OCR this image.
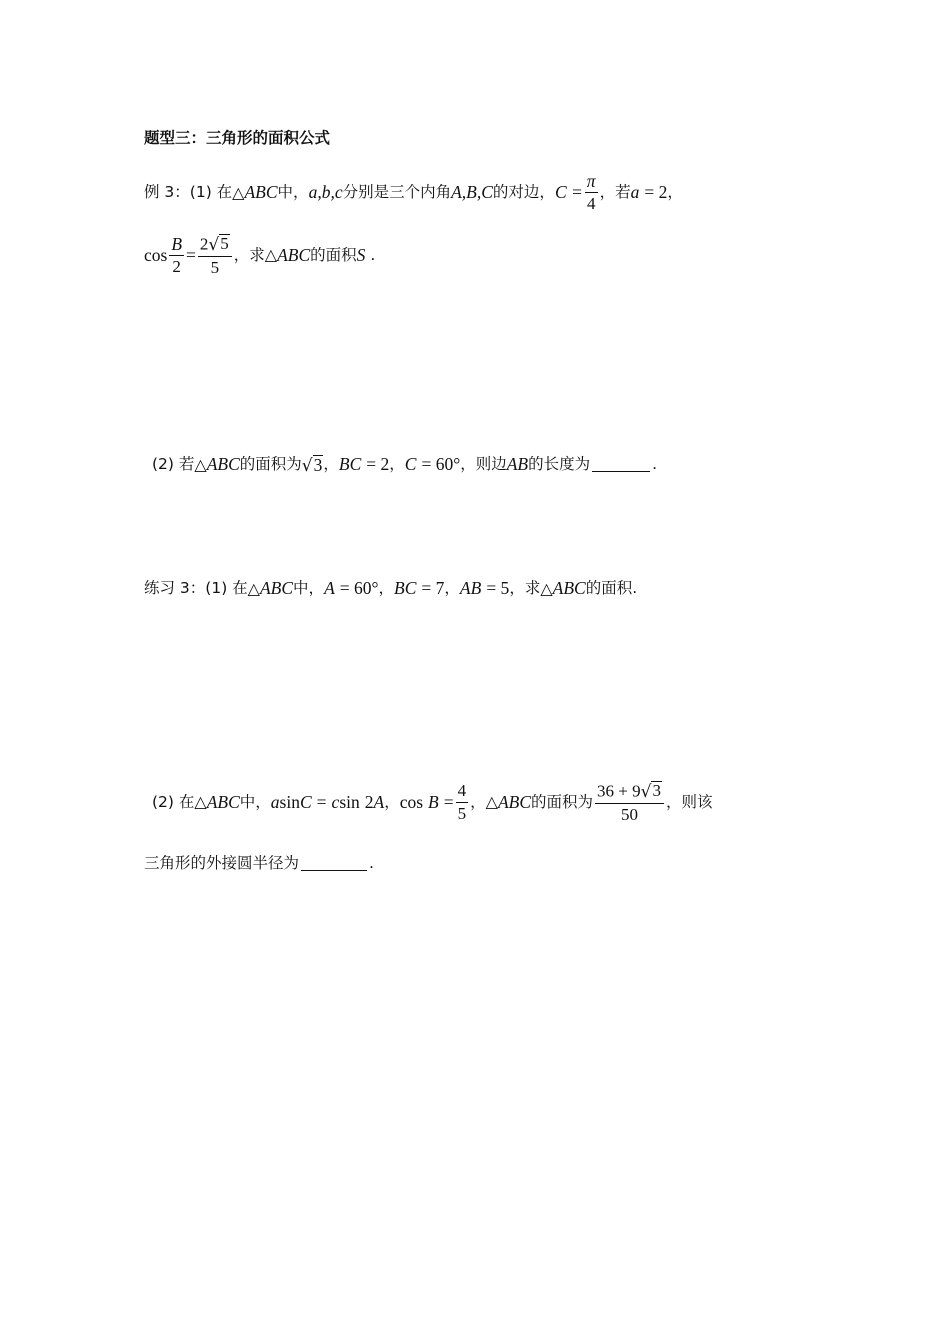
题型三：三角形的面积公式
例 3：(1) 在 △ ABC 中， a,b,c 分别是三个内角 A,B,C 的对边， $C = \frac{\pi}{4}$ ，若 a = 2 ，
$\cos \frac{B}{2} = \frac{2 √ 5}{5}$ ，求 △ ABC 的面积 S .
(2) 若 △ ABC 的面积为 √ 3 ， BC = 2 ， C = 60° ，则边 AB 的长度为	.
练习 3：(1) 在 △ ABC 中， A = 60° ， BC = 7 ， AB = 5 ，求 △ ABC 的面积 .
(2) 在 △ ABC 中， a sin C = c sin 2 A ， $\cos B = \frac{4}{5}$ ， △ ABC 的面积为 $\frac{36 + 9 √ 3}{50}$ ，则该
三角形的外接圆半径为	.
